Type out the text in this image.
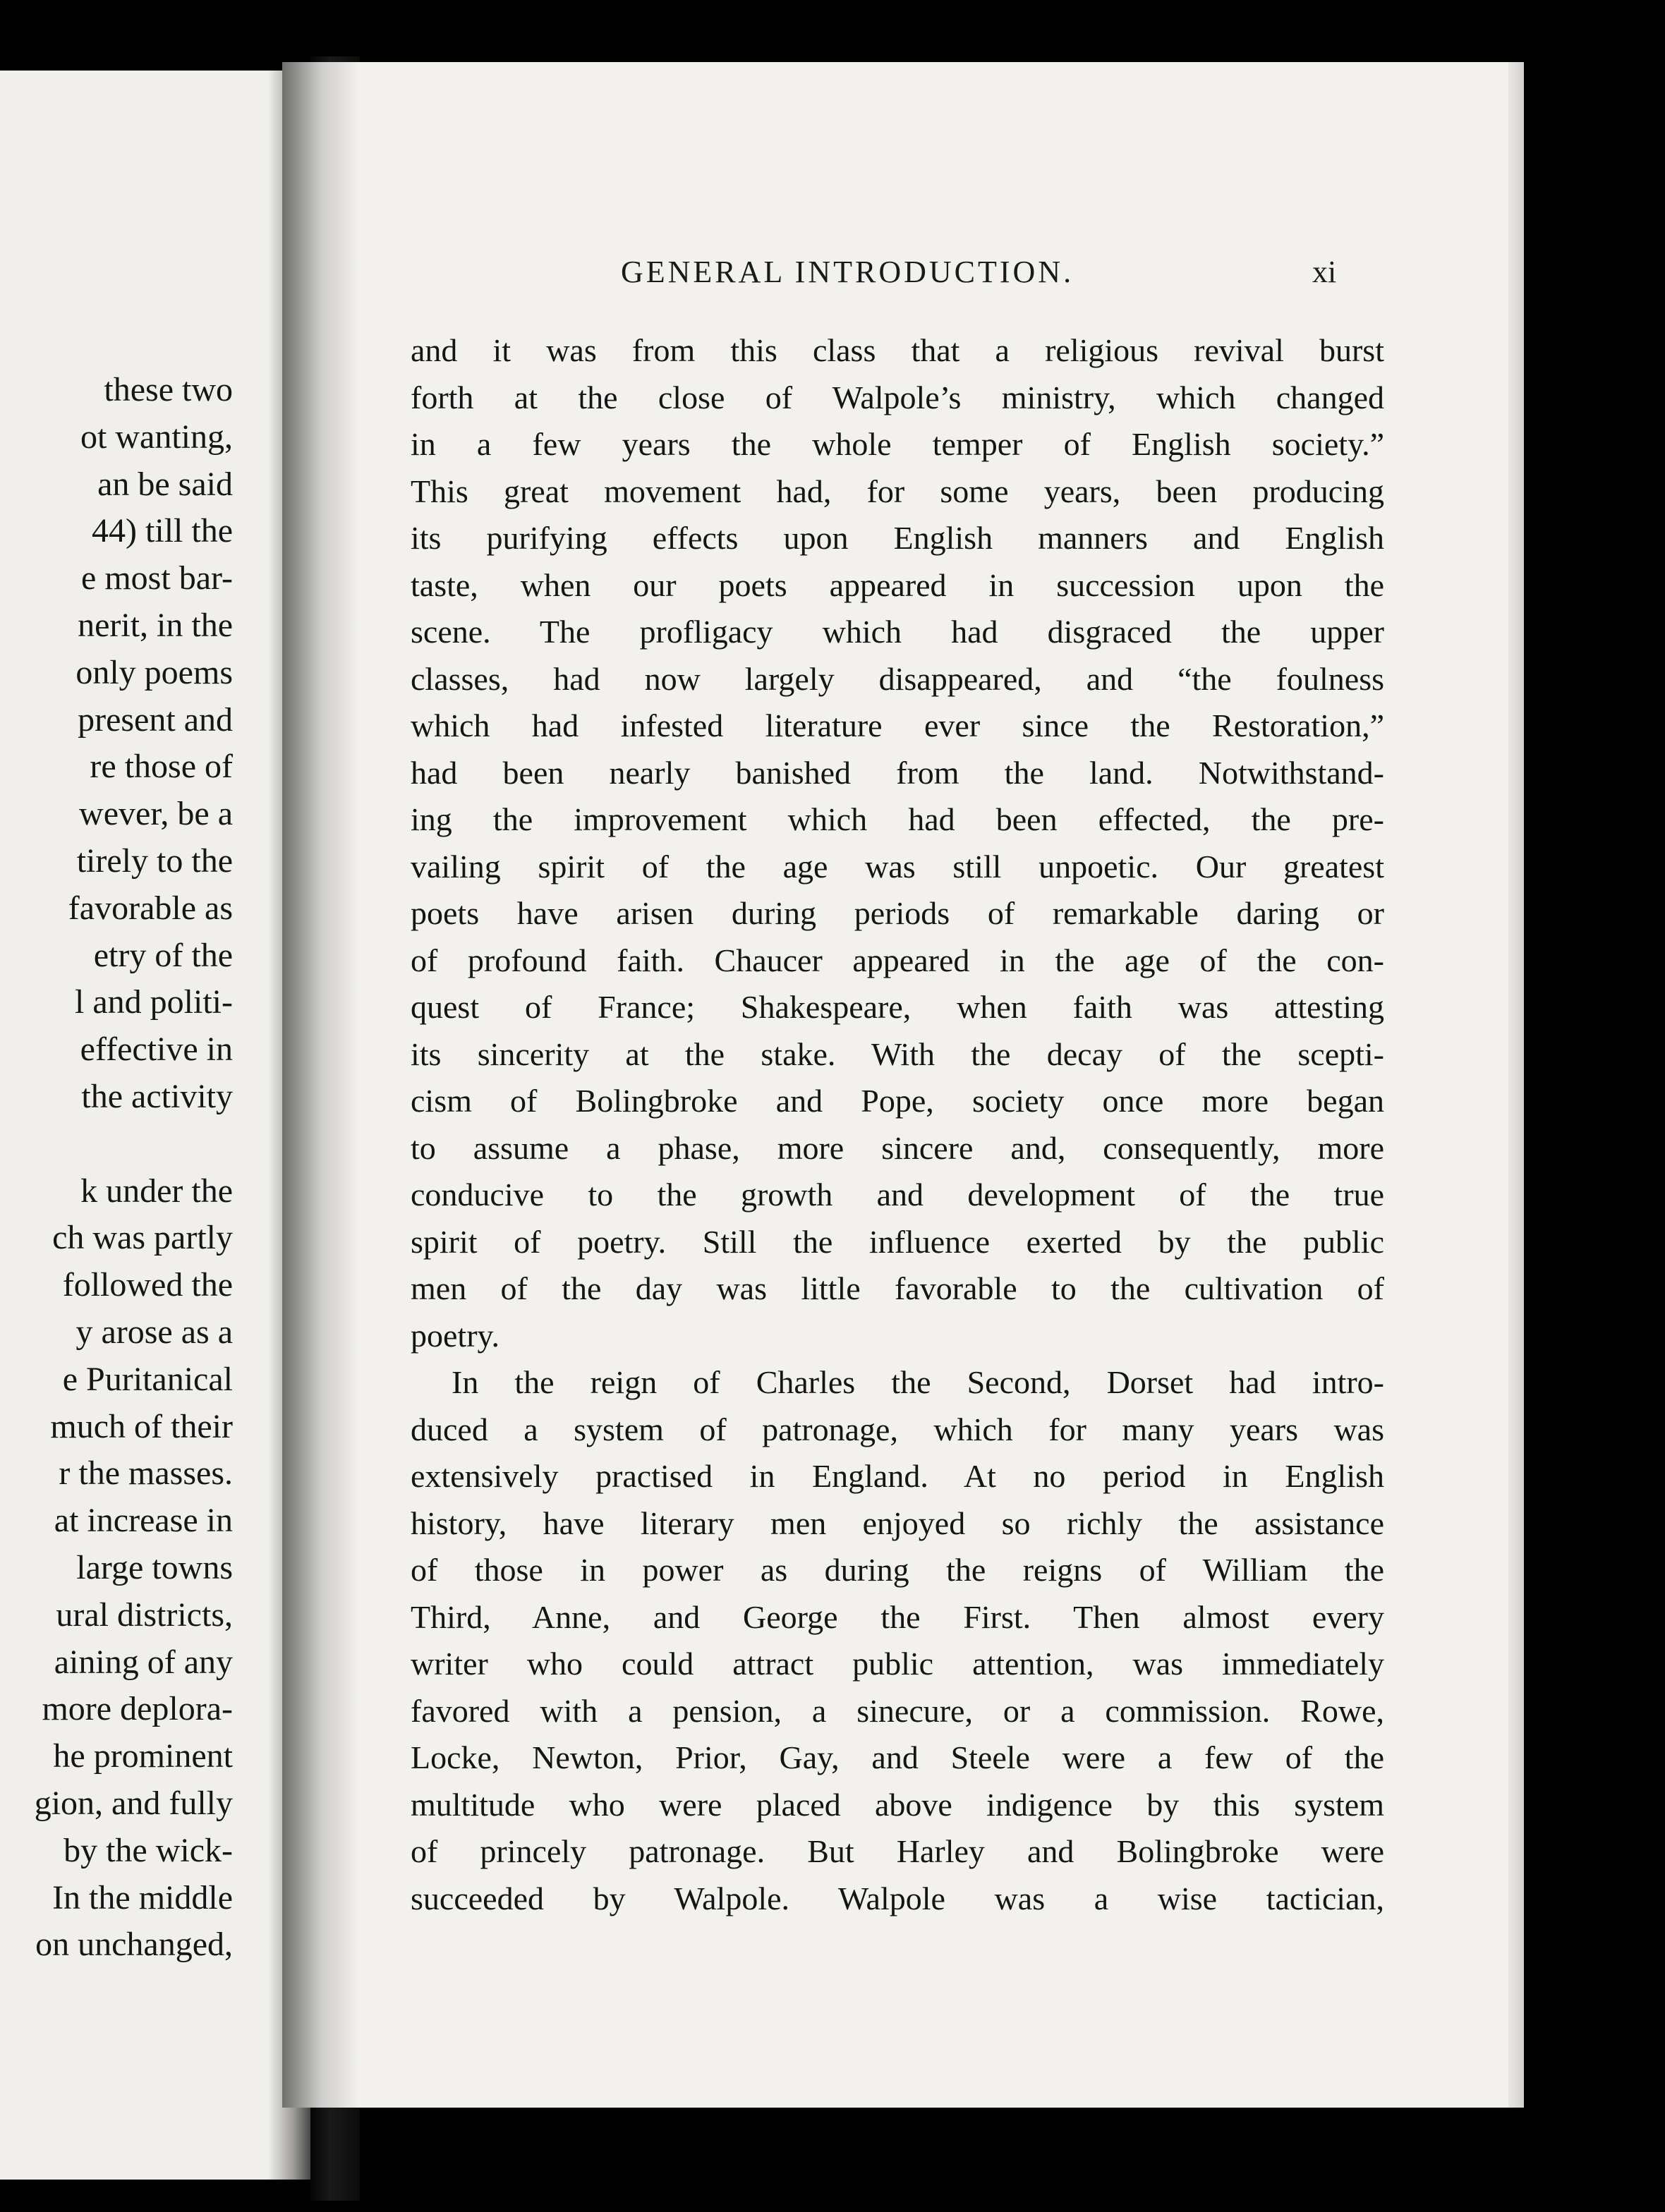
these two
ot wanting,
an be said
44) till the
e most bar-
nerit, in the
only poems
present and
re those of
wever, be a
tirely to the
favorable as
etry of the
l and politi-
effective in
the activity
k under the
ch was partly
followed the
y arose as a
e Puritanical
much of their
r the masses.
at increase in
large towns
ural districts,
aining of any
more deplora-
he prominent
gion, and fully
by the wick-
In the middle
on unchanged,
GENERAL INTRODUCTION.	xi
and it was from this class that a religious revival burst
forth at the close of Walpole’s ministry, which changed
in a few years the whole temper of English society.”
This great movement had, for some years, been producing
its purifying effects upon English manners and English
taste, when our poets appeared in succession upon the
scene. The profligacy which had disgraced the upper
classes, had now largely disappeared, and “the foulness
which had infested literature ever since the Restoration,”
had been nearly banished from the land. Notwithstand-
ing the improvement which had been effected, the pre-
vailing spirit of the age was still unpoetic. Our greatest
poets have arisen during periods of remarkable daring or
of profound faith. Chaucer appeared in the age of the con-
quest of France; Shakespeare, when faith was attesting
its sincerity at the stake. With the decay of the scepti-
cism of Bolingbroke and Pope, society once more began
to assume a phase, more sincere and, consequently, more
conducive to the growth and development of the true
spirit of poetry. Still the influence exerted by the public
men of the day was little favorable to the cultivation of
poetry.
In the reign of Charles the Second, Dorset had intro-
duced a system of patronage, which for many years was
extensively practised in England. At no period in English
history, have literary men enjoyed so richly the assistance
of those in power as during the reigns of William the
Third, Anne, and George the First. Then almost every
writer who could attract public attention, was immediately
favored with a pension, a sinecure, or a commission. Rowe,
Locke, Newton, Prior, Gay, and Steele were a few of the
multitude who were placed above indigence by this system
of princely patronage. But Harley and Bolingbroke were
succeeded by Walpole. Walpole was a wise tactician,
